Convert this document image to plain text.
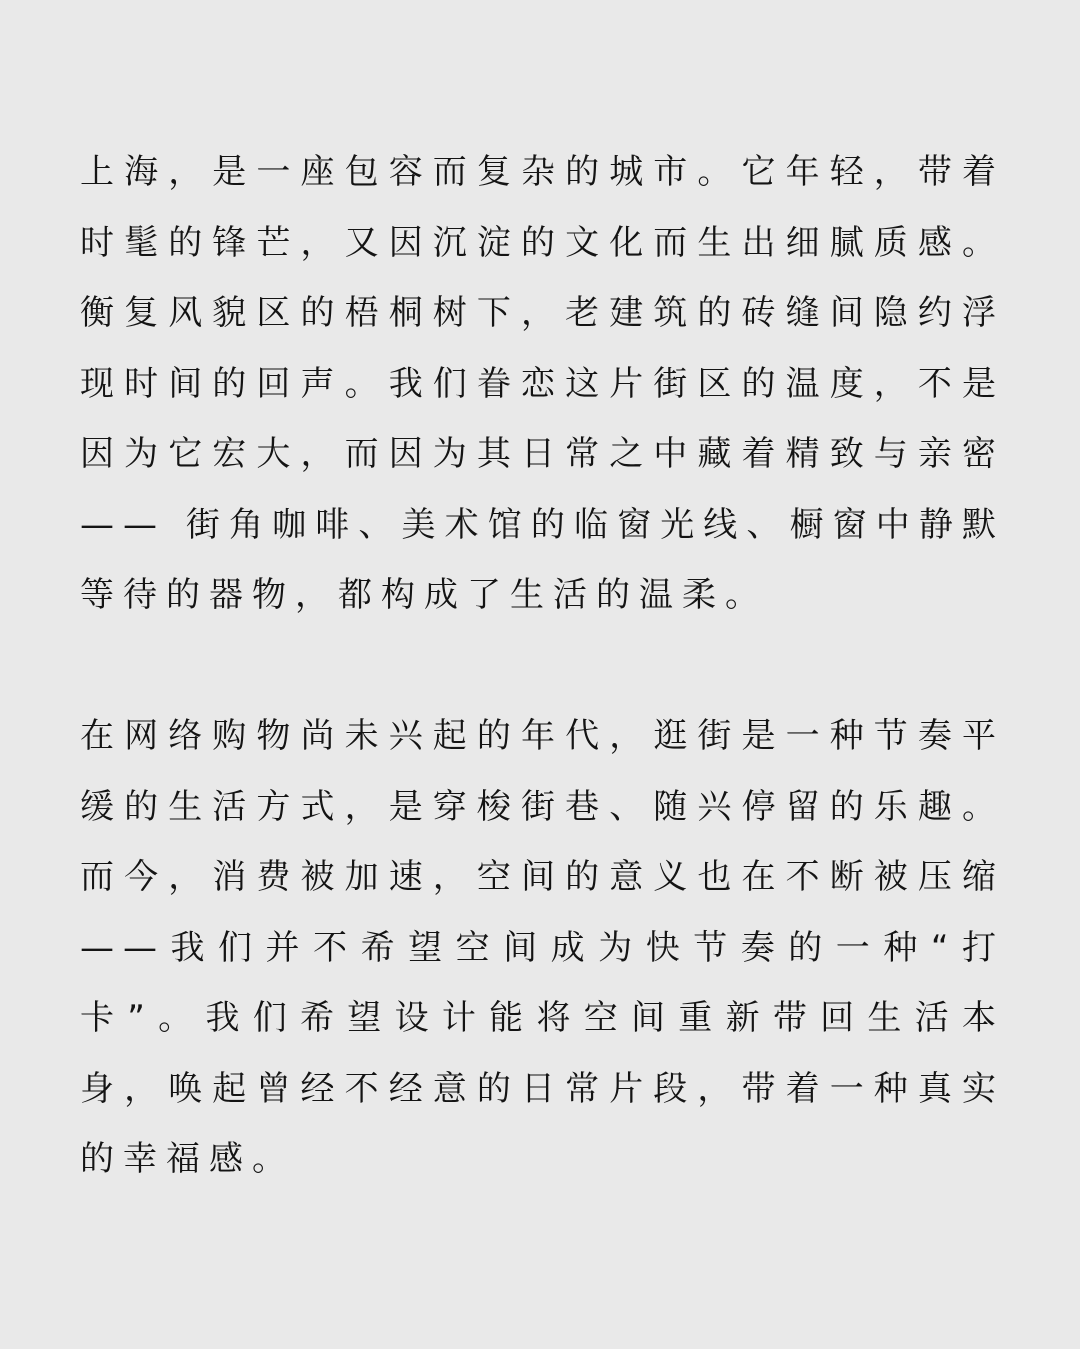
上海，是一座包容而复杂的城市。它年轻，带着时髦的锋芒，又因沉淀的文化而生出细腻质感。衡复风貌区的梧桐树下，老建筑的砖缝间隐约浮现时间的回声。我们眷恋这片街区的温度，不是因为它宏大，而因为其日常之中藏着精致与亲密—— 街角咖啡、美术馆的临窗光线、橱窗中静默等待的器物，都构成了生活的温柔。

在网络购物尚未兴起的年代，逛街是一种节奏平缓的生活方式，是穿梭街巷、随兴停留的乐趣。而今，消费被加速，空间的意义也在不断被压缩——我们并不希望空间成为快节奏的一种“打卡”。我们希望设计能将空间重新带回生活本身，唤起曾经不经意的日常片段，带着一种真实的幸福感。
